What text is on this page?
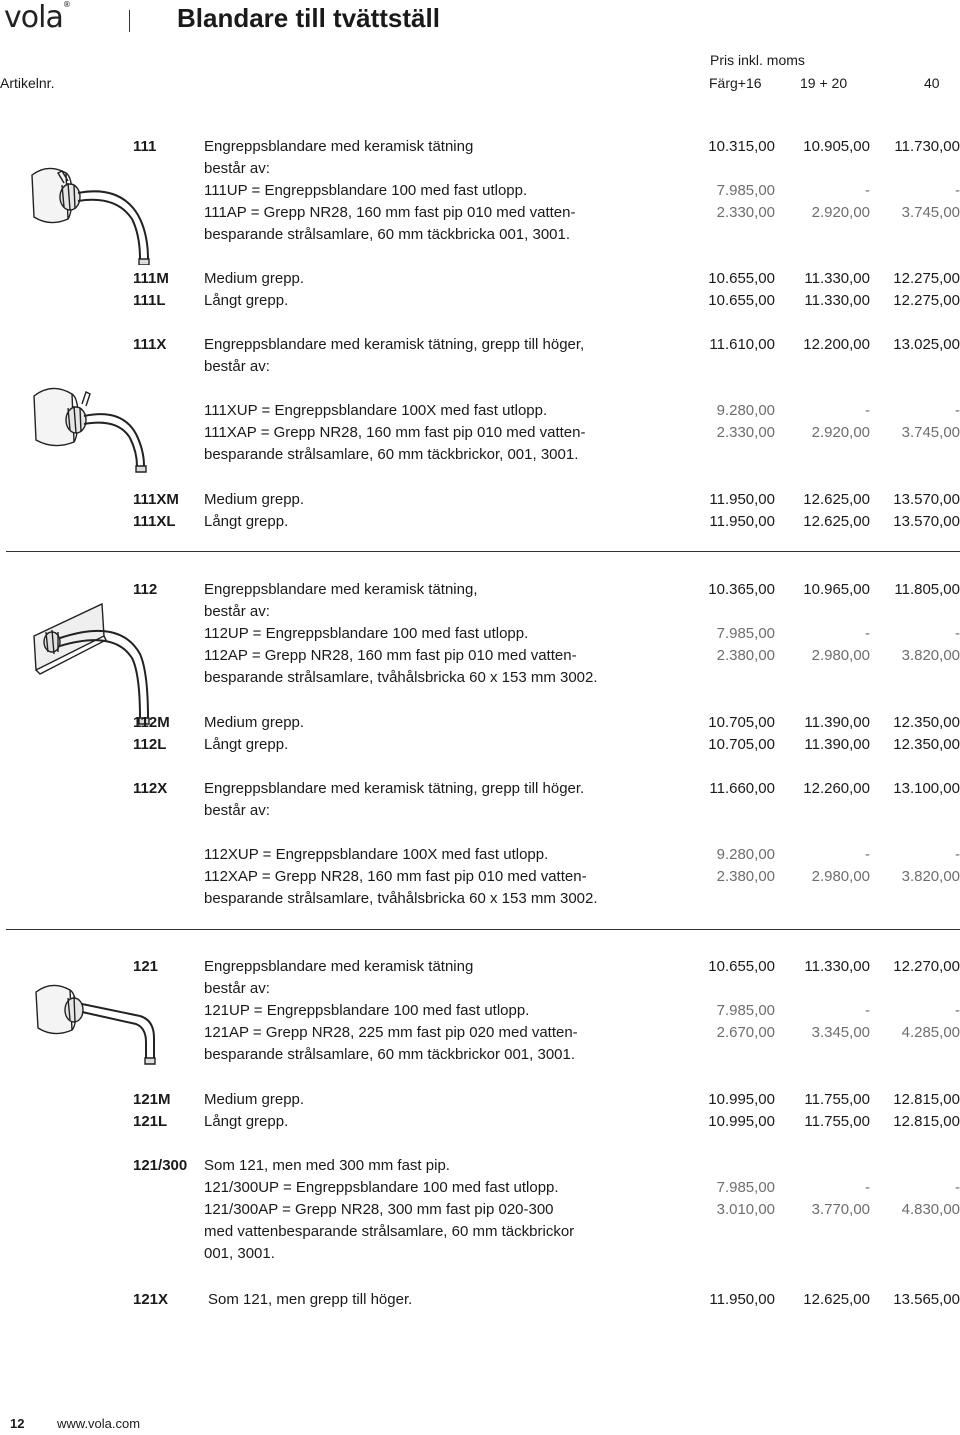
vola®	Blandare till tvättställ
Pris inkl. moms
Artikelnr.	Färg+16	19 + 20	40
111	Engreppsblandare med keramisk tätning	10.315,00	10.905,00	11.730,00
består av:
111UP = Engreppsblandare 100 med fast utlopp.	7.985,00	-	-
111AP = Grepp NR28, 160 mm fast pip 010 med vatten-	2.330,00	2.920,00	3.745,00
besparande strålsamlare, 60 mm täckbricka 001, 3001.
111M Medium grepp.	10.655,00	11.330,00	12.275,00
111L	Långt grepp.	10.655,00	11.330,00	12.275,00
111X	Engreppsblandare med keramisk tätning, grepp till höger,	11.610,00	12.200,00	13.025,00
består av:
111XUP = Engreppsblandare 100X med fast utlopp.	9.280,00	-	-
111XAP = Grepp NR28, 160 mm fast pip 010 med vatten-	2.330,00	2.920,00	3.745,00
besparande strålsamlare, 60 mm täckbrickor, 001, 3001.
111XM Medium grepp.	11.950,00	12.625,00	13.570,00
111XL Långt grepp.	11.950,00	12.625,00	13.570,00
112	Engreppsblandare med keramisk tätning,	10.365,00	10.965,00	11.805,00
består av:
112UP = Engreppsblandare 100 med fast utlopp.	7.985,00	-	-
112AP = Grepp NR28, 160 mm fast pip 010 med vatten-	2.380,00	2.980,00	3.820,00
besparande strålsamlare, tvåhålsbricka 60 x 153 mm 3002.
112M Medium grepp.	10.705,00	11.390,00	12.350,00
112L	Långt grepp.	10.705,00	11.390,00	12.350,00
112X Engreppsblandare med keramisk tätning, grepp till höger.	11.660,00	12.260,00	13.100,00
består av:
112XUP = Engreppsblandare 100X med fast utlopp.	9.280,00	-	-
112XAP = Grepp NR28, 160 mm fast pip 010 med vatten-	2.380,00	2.980,00	3.820,00
besparande strålsamlare, tvåhålsbricka 60 x 153 mm 3002.
121	Engreppsblandare med keramisk tätning	10.655,00	11.330,00	12.270,00
består av:
121UP = Engreppsblandare 100 med fast utlopp.	7.985,00	-	-
121AP = Grepp NR28, 225 mm fast pip 020 med vatten-	2.670,00	3.345,00	4.285,00
besparande strålsamlare, 60 mm täckbrickor 001, 3001.
121M Medium grepp.	10.995,00	11.755,00	12.815,00
121L Långt grepp.	10.995,00	11.755,00	12.815,00
121/300 Som 121, men med 300 mm fast pip.
121/300UP = Engreppsblandare 100 med fast utlopp.	7.985,00	-	-
121/300AP = Grepp NR28, 300 mm fast pip 020-300	3.010,00	3.770,00	4.830,00
med vattenbesparande strålsamlare, 60 mm täckbrickor
001, 3001.
121X	Som 121, men grepp till höger.	11.950,00	12.625,00	13.565,00
12	www.vola.com
